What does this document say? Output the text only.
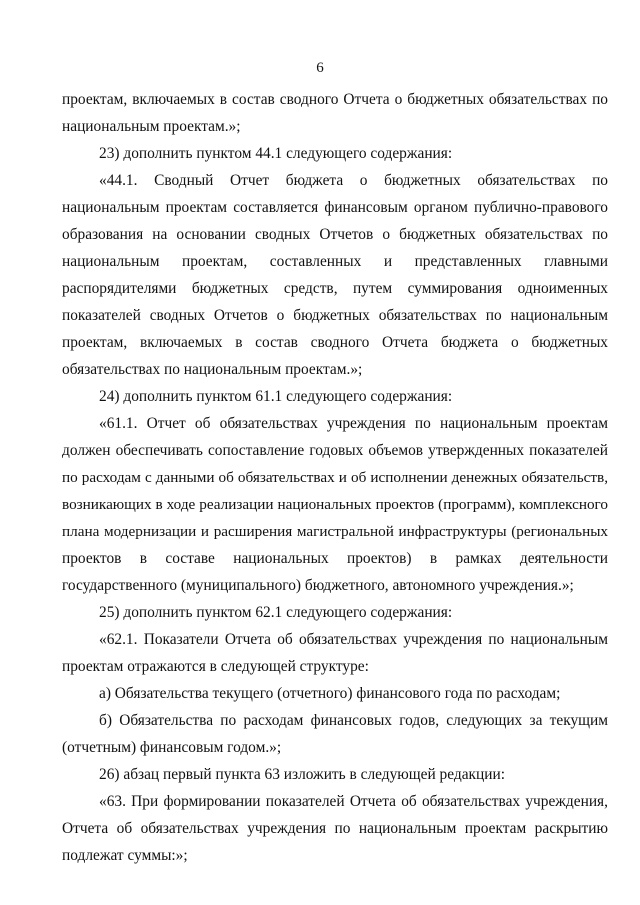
6
проектам, включаемых в состав сводного Отчета о бюджетных обязательствах по
национальным проектам.»;
23) дополнить пунктом 44.1 следующего содержания:
«44.1. Сводный Отчет бюджета о бюджетных обязательствах по
национальным проектам составляется финансовым органом публично-правового
образования на основании сводных Отчетов о бюджетных обязательствах по
национальным проектам, составленных и представленных главными
распорядителями бюджетных средств, путем суммирования одноименных
показателей сводных Отчетов о бюджетных обязательствах по национальным
проектам, включаемых в состав сводного Отчета бюджета о бюджетных
обязательствах по национальным проектам.»;
24) дополнить пунктом 61.1 следующего содержания:
«61.1. Отчет об обязательствах учреждения по национальным проектам
должен обеспечивать сопоставление годовых объемов утвержденных показателей
по расходам с данными об обязательствах и об исполнении денежных обязательств,
возникающих в ходе реализации национальных проектов (программ), комплексного
плана модернизации и расширения магистральной инфраструктуры (региональных
проектов в составе национальных проектов) в рамках деятельности
государственного (муниципального) бюджетного, автономного учреждения.»;
25) дополнить пунктом 62.1 следующего содержания:
«62.1. Показатели Отчета об обязательствах учреждения по национальным
проектам отражаются в следующей структуре:
а) Обязательства текущего (отчетного) финансового года по расходам;
б) Обязательства по расходам финансовых годов, следующих за текущим
(отчетным) финансовым годом.»;
26) абзац первый пункта 63 изложить в следующей редакции:
«63. При формировании показателей Отчета об обязательствах учреждения,
Отчета об обязательствах учреждения по национальным проектам раскрытию
подлежат суммы:»;
